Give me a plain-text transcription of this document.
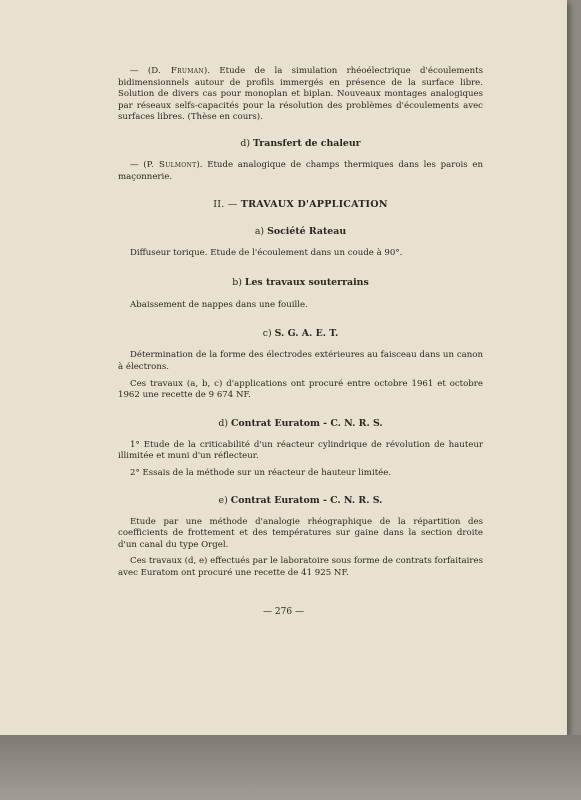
— (D. Fruman). Etude de la simulation rhéoélectrique d'écoulements bidimensionnels autour de profils immergés en présence de la surface libre. Solution de divers cas pour monoplan et biplan. Nouveaux montages analogiques par réseaux selfs-capacités pour la résolution des problèmes d'écoulements avec surfaces libres. (Thèse en cours).

d) Transfert de chaleur

— (P. Sulmont). Etude analogique de champs thermiques dans les parois en maçonnerie.

II. — TRAVAUX D'APPLICATION
a) Société Rateau

Diffuseur torique. Etude de l'écoulement dans un coude à 90°.

b) Les travaux souterrains

Abaissement de nappes dans une fouille.

c) S. G. A. E. T.

Détermination de la forme des électrodes extérieures au faisceau dans un canon à électrons.

Ces travaux (a, b, c) d'applications ont procuré entre octobre 1961 et octobre 1962 une recette de 9 674 NF.

d) Contrat Euratom - C. N. R. S.

1° Etude de la criticabilité d'un réacteur cylindrique de révolution de hauteur illimitée et muni d'un réflecteur.

2° Essais de la méthode sur un réacteur de hauteur limitée.

e) Contrat Euratom - C. N. R. S.

Etude par une méthode d'analogie rhéographique de la répartition des coefficients de frottement et des températures sur gaine dans la section droite d'un canal du type Orgel.

Ces travaux (d, e) effectués par le laboratoire sous forme de contrats forfaitaires avec Euratom ont procuré une recette de 41 925 NF.

— 276 —
